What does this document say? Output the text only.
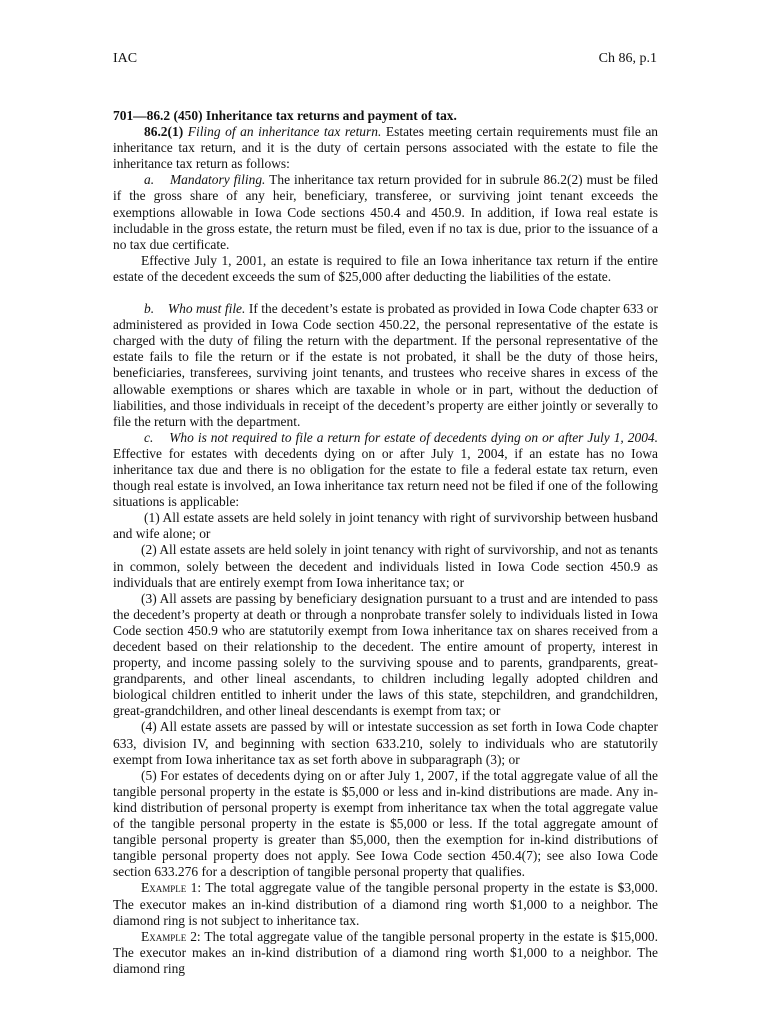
IAC	Ch 86, p.1

701—86.2 (450) Inheritance tax returns and payment of tax.

86.2(1) Filing of an inheritance tax return. Estates meeting certain requirements must file an inheritance tax return, and it is the duty of certain persons associated with the estate to file the inheritance tax return as follows:

a. Mandatory filing. The inheritance tax return provided for in subrule 86.2(2) must be filed if the gross share of any heir, beneficiary, transferee, or surviving joint tenant exceeds the exemptions allowable in Iowa Code sections 450.4 and 450.9. In addition, if Iowa real estate is includable in the gross estate, the return must be filed, even if no tax is due, prior to the issuance of a no tax due certificate.

Effective July 1, 2001, an estate is required to file an Iowa inheritance tax return if the entire estate of the decedent exceeds the sum of $25,000 after deducting the liabilities of the estate.

b. Who must file. If the decedent’s estate is probated as provided in Iowa Code chapter 633 or administered as provided in Iowa Code section 450.22, the personal representative of the estate is charged with the duty of filing the return with the department. If the personal representative of the estate fails to file the return or if the estate is not probated, it shall be the duty of those heirs, beneficiaries, transferees, surviving joint tenants, and trustees who receive shares in excess of the allowable exemptions or shares which are taxable in whole or in part, without the deduction of liabilities, and those individuals in receipt of the decedent’s property are either jointly or severally to file the return with the department.

c. Who is not required to file a return for estate of decedents dying on or after July 1, 2004. Effective for estates with decedents dying on or after July 1, 2004, if an estate has no Iowa inheritance tax due and there is no obligation for the estate to file a federal estate tax return, even though real estate is involved, an Iowa inheritance tax return need not be filed if one of the following situations is applicable:

(1) All estate assets are held solely in joint tenancy with right of survivorship between husband and wife alone; or

(2) All estate assets are held solely in joint tenancy with right of survivorship, and not as tenants in common, solely between the decedent and individuals listed in Iowa Code section 450.9 as individuals that are entirely exempt from Iowa inheritance tax; or

(3) All assets are passing by beneficiary designation pursuant to a trust and are intended to pass the decedent’s property at death or through a nonprobate transfer solely to individuals listed in Iowa Code section 450.9 who are statutorily exempt from Iowa inheritance tax on shares received from a decedent based on their relationship to the decedent. The entire amount of property, interest in property, and income passing solely to the surviving spouse and to parents, grandparents, great-grandparents, and other lineal ascendants, to children including legally adopted children and biological children entitled to inherit under the laws of this state, stepchildren, and grandchildren, great-grandchildren, and other lineal descendants is exempt from tax; or

(4) All estate assets are passed by will or intestate succession as set forth in Iowa Code chapter 633, division IV, and beginning with section 633.210, solely to individuals who are statutorily exempt from Iowa inheritance tax as set forth above in subparagraph (3); or

(5) For estates of decedents dying on or after July 1, 2007, if the total aggregate value of all the tangible personal property in the estate is $5,000 or less and in-kind distributions are made. Any in-kind distribution of personal property is exempt from inheritance tax when the total aggregate value of the tangible personal property in the estate is $5,000 or less. If the total aggregate amount of tangible personal property is greater than $5,000, then the exemption for in-kind distributions of tangible personal property does not apply. See Iowa Code section 450.4(7); see also Iowa Code section 633.276 for a description of tangible personal property that qualifies.

Example 1: The total aggregate value of the tangible personal property in the estate is $3,000. The executor makes an in-kind distribution of a diamond ring worth $1,000 to a neighbor. The diamond ring is not subject to inheritance tax.

Example 2: The total aggregate value of the tangible personal property in the estate is $15,000. The executor makes an in-kind distribution of a diamond ring worth $1,000 to a neighbor. The diamond ring
